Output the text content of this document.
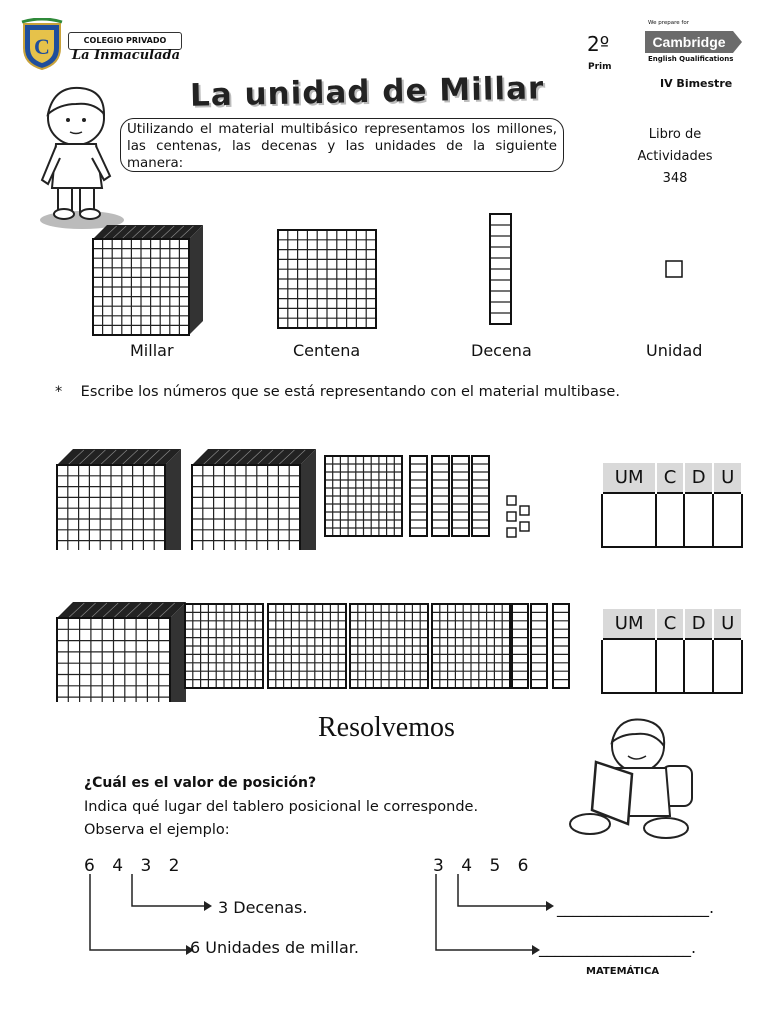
C	COLEGIO PRIVADO
La Inmaculada	2º
Prim
We prepare for
Cambridge
English Qualifications
IV Bimestre
La unidad de Millar
Utilizando el material multibásico representamos los millones, las centenas, las decenas y las unidades de la siguiente manera:
Libro de
Actividades
348
Millar	Centena	Decena	Unidad
*    Escribe los números que se está representando con el material multibase.
UM	C	D	U

UM	C	D	U

Resolvemos
¿Cuál es el valor de posición?
Indica qué lugar del tablero posicional le corresponde.
Observa el ejemplo:
6 4 3 2	3 4 5 6
3 Decenas.
6 Unidades de millar.
___________________.
___________________.
MATEMÁTICA
